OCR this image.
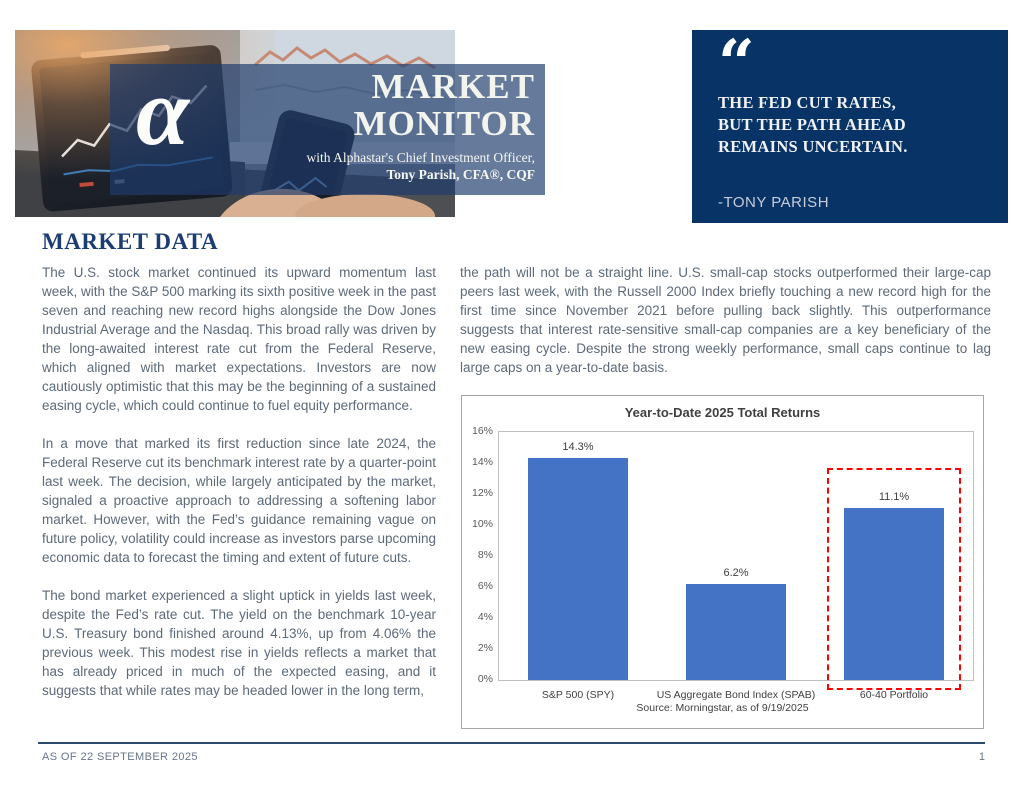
α	MARKET
MONITOR
with Alphastar's Chief Investment Officer,
Tony Parish, CFA®, CQF
“
THE FED CUT RATES,
BUT THE PATH AHEAD
REMAINS UNCERTAIN.
-TONY PARISH
MARKET DATA

The U.S. stock market continued its upward momentum last week, with the S&P 500 marking its sixth positive week in the past seven and reaching new record highs alongside the Dow Jones Industrial Average and the Nasdaq. This broad rally was driven by the long-awaited interest rate cut from the Federal Reserve, which aligned with market expectations. Investors are now cautiously optimistic that this may be the beginning of a sustained easing cycle, which could continue to fuel equity performance.

In a move that marked its first reduction since late 2024, the Federal Reserve cut its benchmark interest rate by a quarter-point last week. The decision, while largely anticipated by the market, signaled a proactive approach to addressing a softening labor market. However, with the Fed’s guidance remaining vague on future policy, volatility could increase as investors parse upcoming economic data to forecast the timing and extent of future cuts.

The bond market experienced a slight uptick in yields last week, despite the Fed’s rate cut. The yield on the benchmark 10-year U.S. Treasury bond finished around 4.13%, up from 4.06% the previous week. This modest rise in yields reflects a market that has already priced in much of the expected easing, and it suggests that while rates may be headed lower in the long term,

the path will not be a straight line. U.S. small-cap stocks outperformed their large-cap peers last week, with the Russell 2000 Index briefly touching a new record high for the first time since November 2021 before pulling back slightly. This outperformance suggests that interest rate-sensitive small-cap companies are a key beneficiary of the new easing cycle. Despite the strong weekly performance, small caps continue to lag large caps on a year-to-date basis.

Year-to-Date 2025 Total Returns
0%
2%
4%
6%
8%
10%
12%
14%
16%
14.3%
S&P 500 (SPY)
6.2%
US Aggregate Bond Index (SPAB)
11.1%
60-40 Portfolio
Source: Morningstar, as of 9/19/2025
AS OF 22 SEPTEMBER 2025	1
